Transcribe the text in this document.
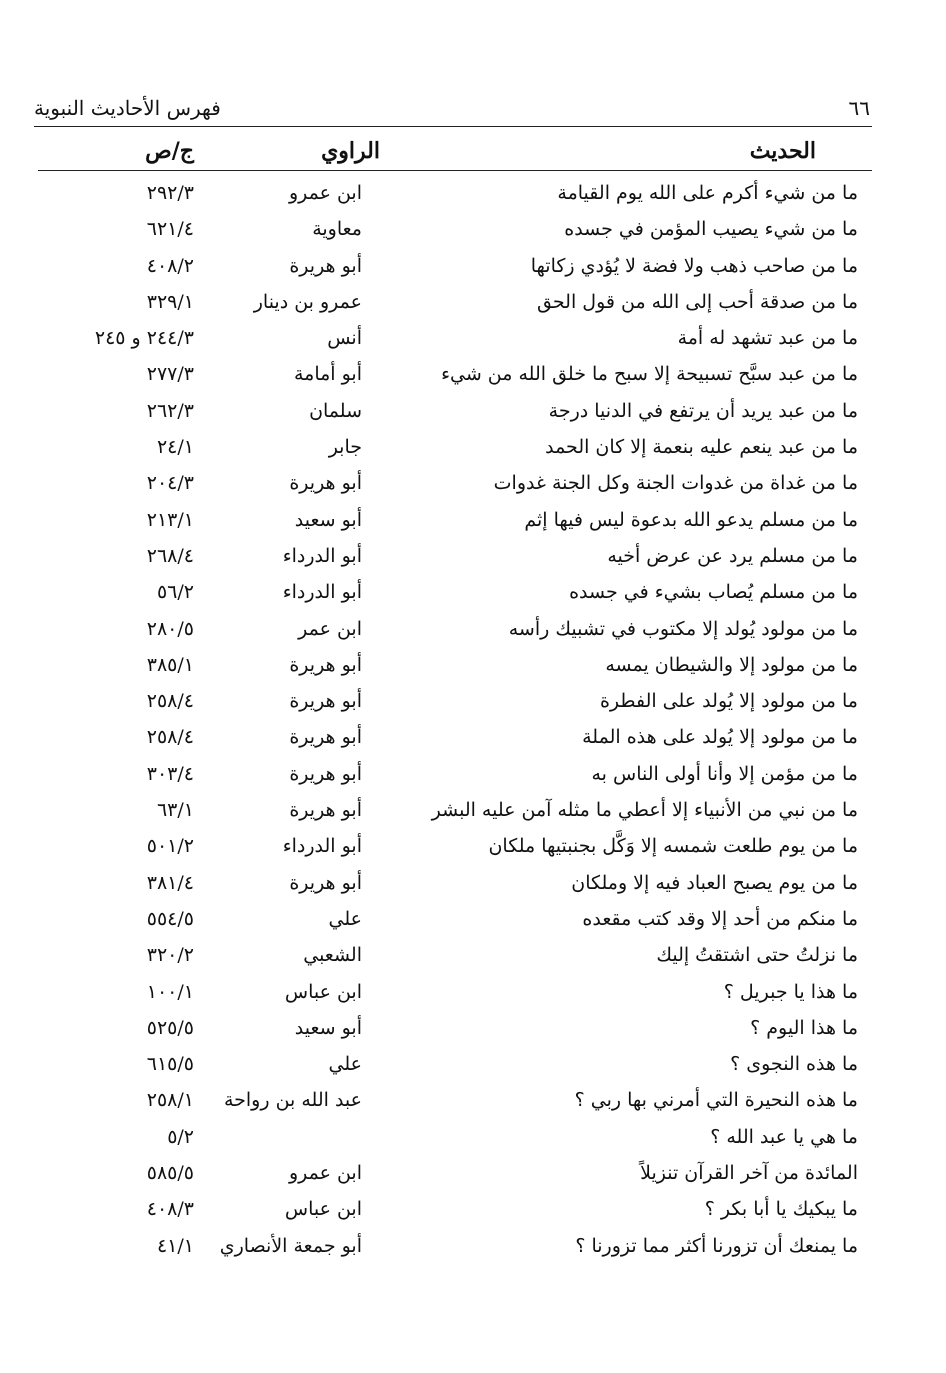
٦٦
فهرس الأحاديث النبوية
الحديث
الراوي
ج/ص
ما من شيء أكرم على الله يوم القيامة
ابن عمرو
٢٩٢/٣
ما من شيء يصيب المؤمن في جسده
معاوية
٦٢١/٤
ما من صاحب ذهب ولا فضة لا يُؤدي زكاتها
أبو هريرة
٤٠٨/٢
ما من صدقة أحب إلى الله من قول الحق
عمرو بن دينار
٣٢٩/١
ما من عبد تشهد له أمة
أنس
٢٤٤/٣ و ٢٤٥
ما من عبد سبَّح تسبيحة إلا سبح ما خلق الله من شيء
أبو أمامة
٢٧٧/٣
ما من عبد يريد أن يرتفع في الدنيا درجة
سلمان
٢٦٢/٣
ما من عبد ينعم عليه بنعمة إلا كان الحمد
جابر
٢٤/١
ما من غداة من غدوات الجنة وكل الجنة غدوات
أبو هريرة
٢٠٤/٣
ما من مسلم يدعو الله بدعوة ليس فيها إثم
أبو سعيد
٢١٣/١
ما من مسلم يرد عن عرض أخيه
أبو الدرداء
٢٦٨/٤
ما من مسلم يُصاب بشيء في جسده
أبو الدرداء
٥٦/٢
ما من مولود يُولد إلا مكتوب في تشبيك رأسه
ابن عمر
٢٨٠/٥
ما من مولود إلا والشيطان يمسه
أبو هريرة
٣٨٥/١
ما من مولود إلا يُولد على الفطرة
أبو هريرة
٢٥٨/٤
ما من مولود إلا يُولد على هذه الملة
أبو هريرة
٢٥٨/٤
ما من مؤمن إلا وأنا أولى الناس به
أبو هريرة
٣٠٣/٤
ما من نبي من الأنبياء إلا أعطي ما مثله آمن عليه البشر
أبو هريرة
٦٣/١
ما من يوم طلعت شمسه إلا وَكَّل بجنبتيها ملكان
أبو الدرداء
٥٠١/٢
ما من يوم يصبح العباد فيه إلا وملكان
أبو هريرة
٣٨١/٤
ما منكم من أحد إلا وقد كتب مقعده
علي
٥٥٤/٥
ما نزلتُ حتى اشتقتُ إليك
الشعبي
٣٢٠/٢
ما هذا يا جبريل ؟
ابن عباس
١٠٠/١
ما هذا اليوم ؟
أبو سعيد
٥٢٥/٥
ما هذه النجوى ؟
علي
٦١٥/٥
ما هذه النحيرة التي أمرني بها ربي ؟
عبد الله بن رواحة
٢٥٨/١
ما هي يا عبد الله ؟
٥/٢
المائدة من آخر القرآن تنزيلاً
ابن عمرو
٥٨٥/٥
ما يبكيك يا أبا بكر ؟
ابن عباس
٤٠٨/٣
ما يمنعك أن تزورنا أكثر مما تزورنا ؟
أبو جمعة الأنصاري
٤١/١
